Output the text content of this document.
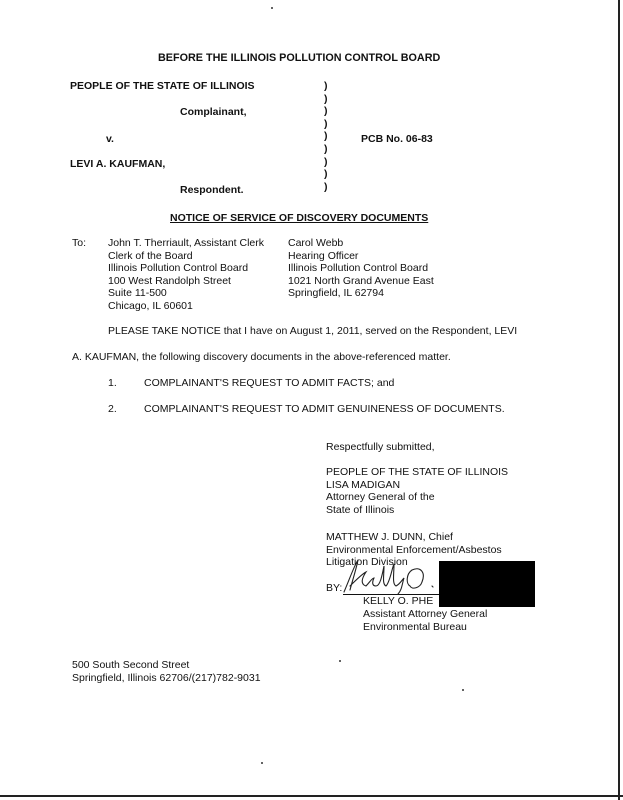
BEFORE THE ILLINOIS POLLUTION CONTROL BOARD
PEOPLE OF THE STATE OF ILLINOIS
Complainant,
v.
LEVI A. KAUFMAN,
Respondent.
PCB No. 06-83
)
)
)
)
)
)
)
)
)
NOTICE OF SERVICE OF DISCOVERY DOCUMENTS
To: John T. Therriault, Assistant Clerk
Clerk of the Board
Illinois Pollution Control Board
100 West Randolph Street
Suite 11-500
Chicago, IL 60601
Carol Webb
Hearing Officer
Illinois Pollution Control Board
1021 North Grand Avenue East
Springfield, IL 62794
PLEASE TAKE NOTICE that I have on August 1, 2011, served on the Respondent, LEVI
A. KAUFMAN, the following discovery documents in the above-referenced matter.
1.	COMPLAINANT'S REQUEST TO ADMIT FACTS; and
2.	COMPLAINANT'S REQUEST TO ADMIT GENUINENESS OF DOCUMENTS.
Respectfully submitted,
PEOPLE OF THE STATE OF ILLINOIS
LISA MADIGAN
Attorney General of the
State of Illinois
MATTHEW J. DUNN, Chief
Environmental Enforcement/Asbestos
Litigation Division
BY:
KELLY O. PHE
Assistant Attorney General
Environmental Bureau
500 South Second Street
Springfield, Illinois 62706/(217)782-9031
